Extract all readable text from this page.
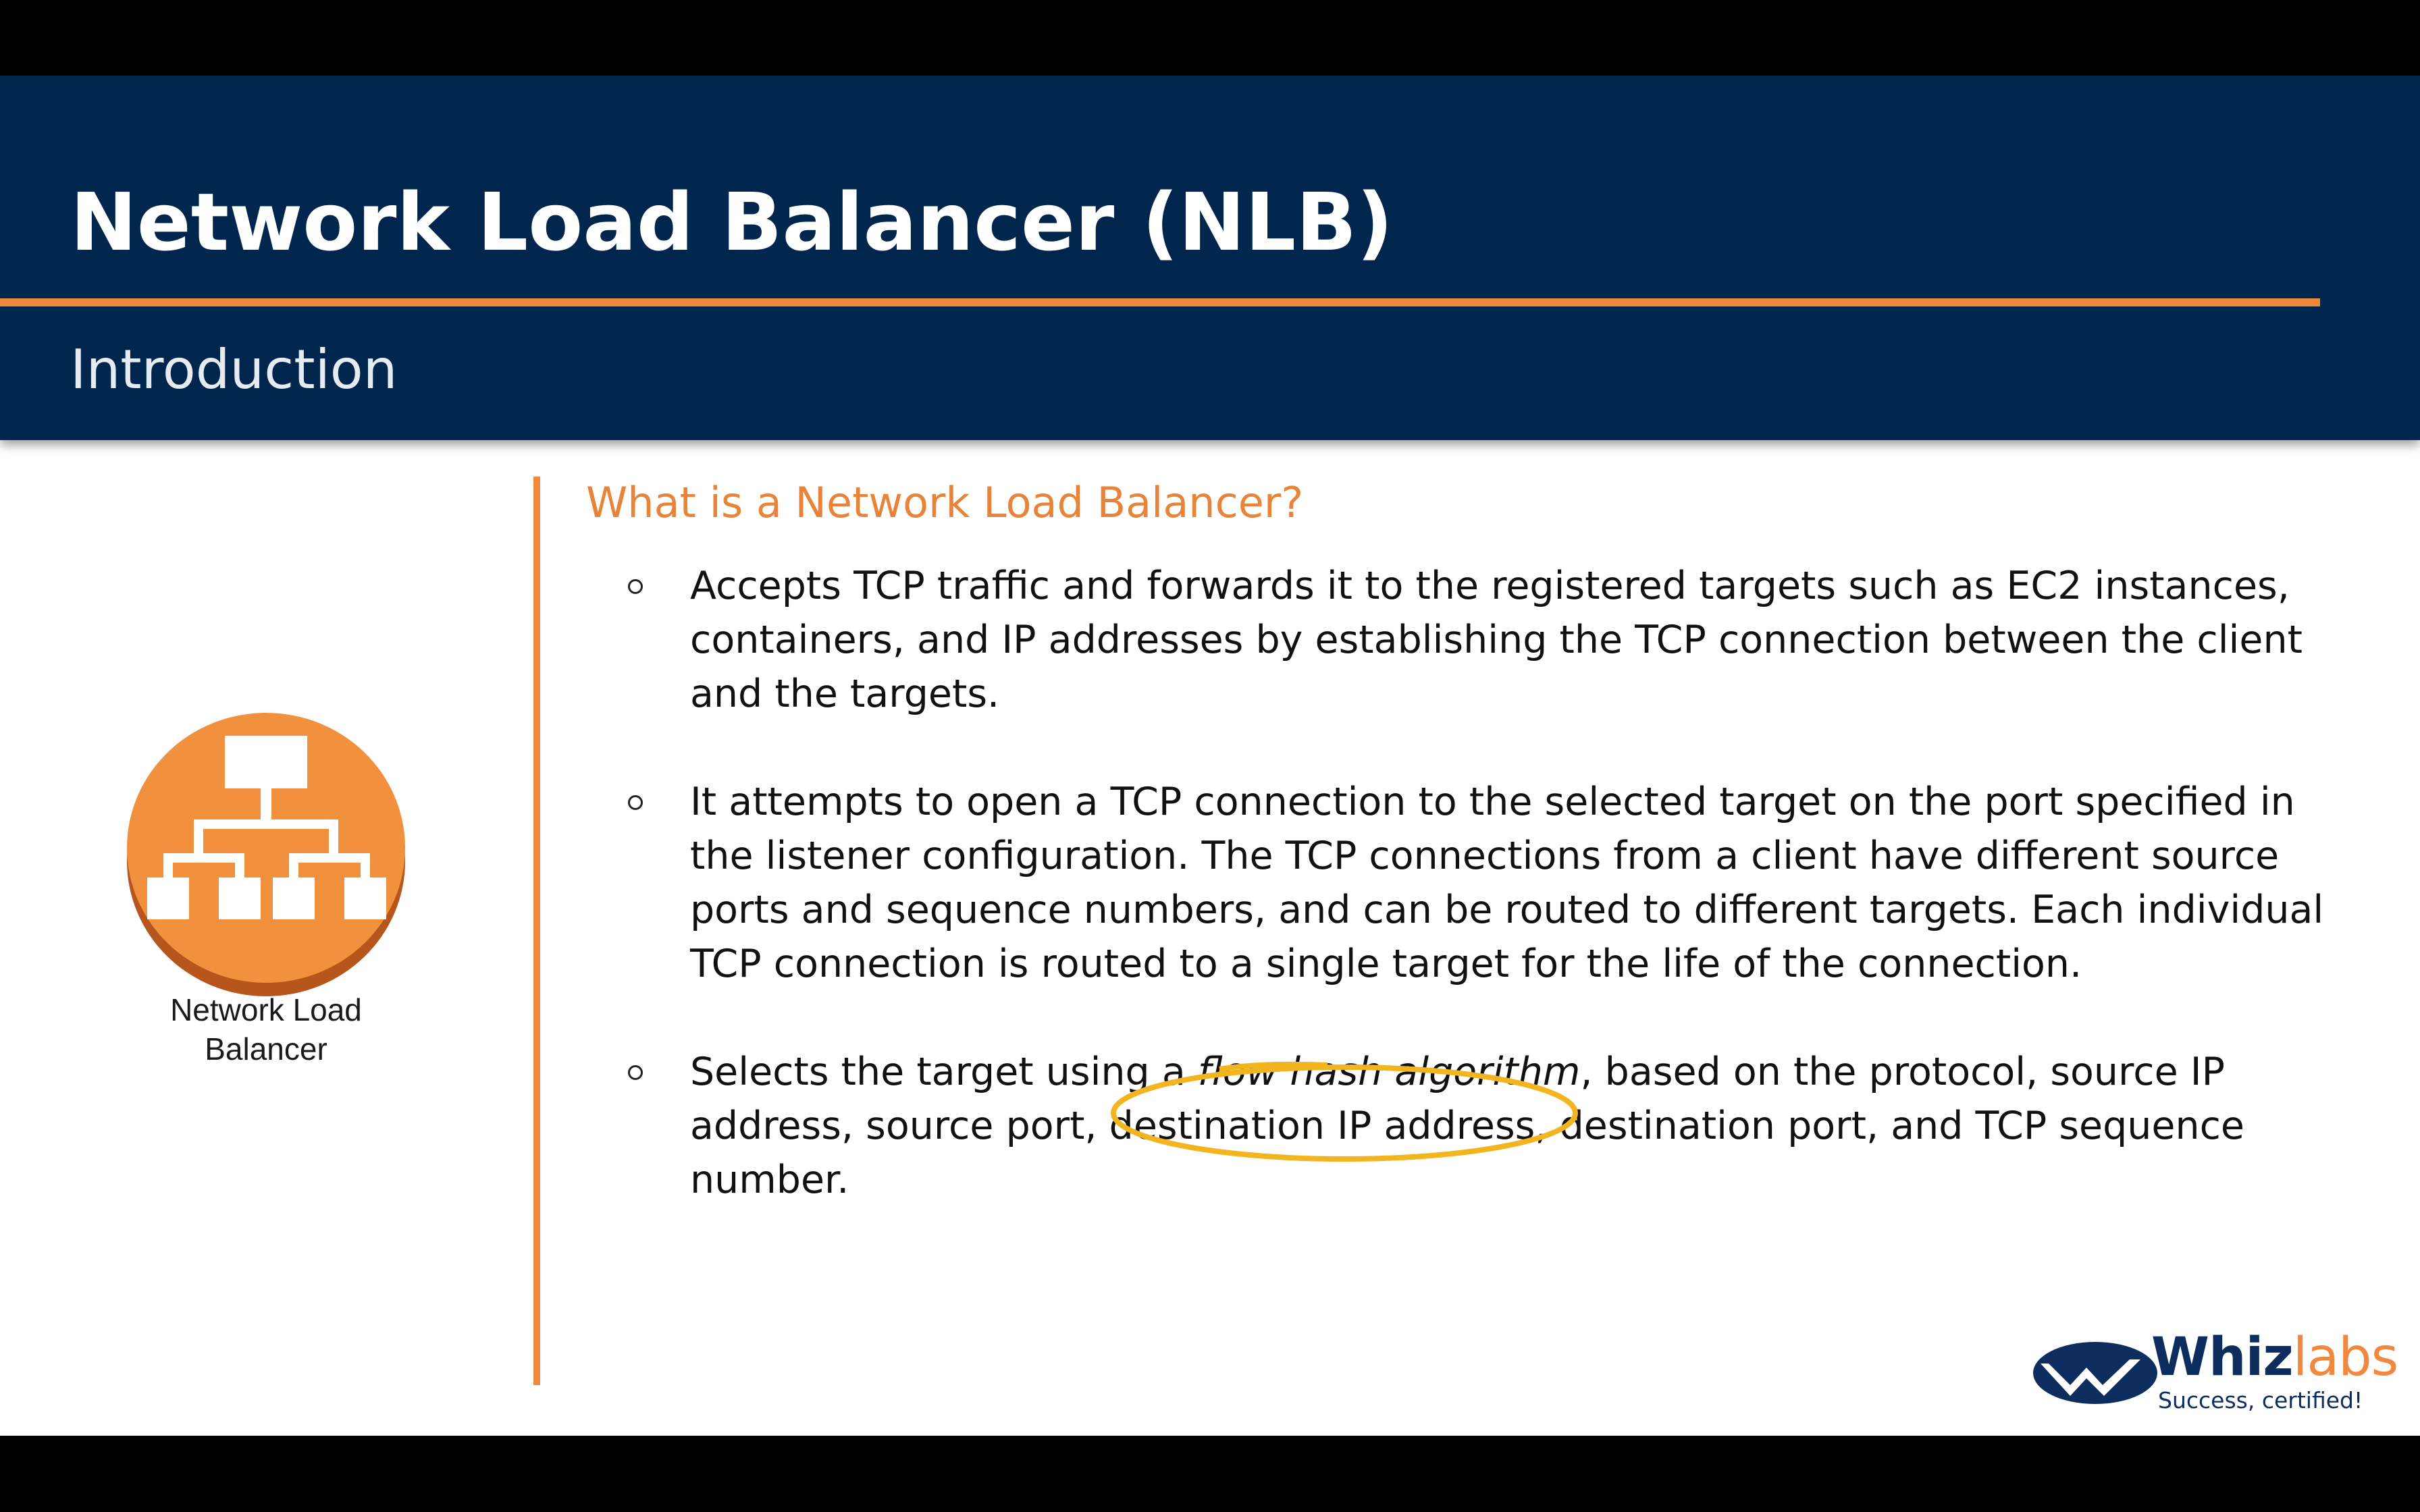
Network Load Balancer (NLB)
Introduction
Network Load
Balancer
What is a Network Load Balancer?
Accepts TCP traffic and forwards it to the registered targets such as EC2 instances, containers, and IP addresses by establishing the TCP connection between the client and the targets.
It attempts to open a TCP connection to the selected target on the port specified in the listener configuration. The TCP connections from a client have different source ports and sequence numbers, and can be routed to different targets. Each individual TCP connection is routed to a single target for the life of the connection.
Selects the target using a flow hash algorithm, based on the protocol, source IP address, source port, destination IP address, destination port, and TCP sequence number.
Whizlabs
Success, certified!
